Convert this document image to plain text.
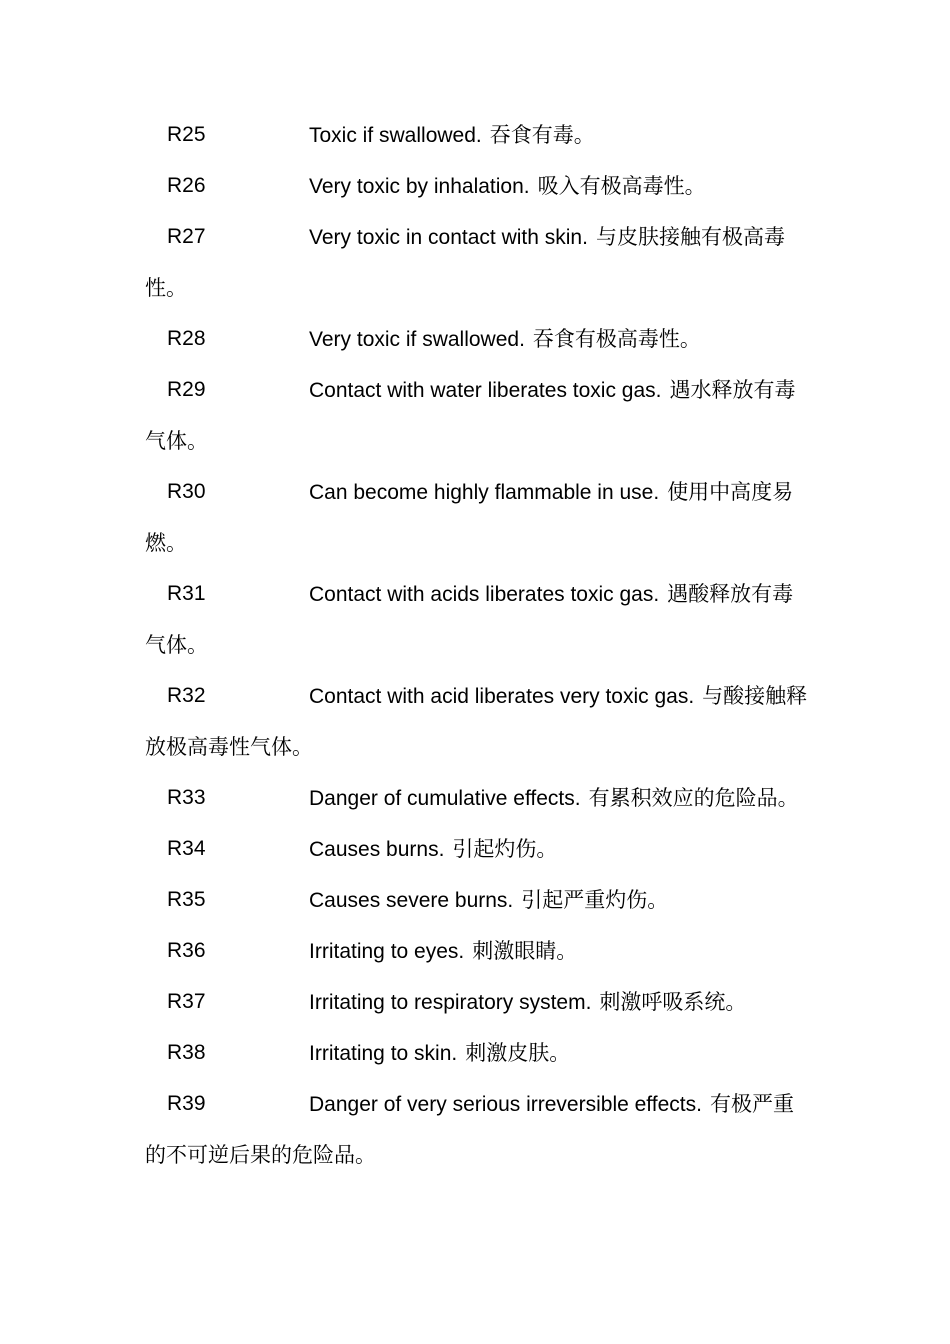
R25	Toxic if swallowed. 吞食有毒。
R26	Very toxic by inhalation. 吸入有极高毒性。
R27	Very toxic in contact with skin. 与皮肤接触有极高毒性。
R28	Very toxic if swallowed. 吞食有极高毒性。
R29	Contact with water liberates toxic gas. 遇水释放有毒气体。
R30	Can become highly flammable in use. 使用中高度易燃。
R31	Contact with acids liberates toxic gas. 遇酸释放有毒气体。
R32	Contact with acid liberates very toxic gas. 与酸接触释放极高毒性气体。
R33	Danger of cumulative effects. 有累积效应的危险品。
R34	Causes burns. 引起灼伤。
R35	Causes severe burns. 引起严重灼伤。
R36	Irritating to eyes. 刺激眼睛。
R37	Irritating to respiratory system. 刺激呼吸系统。
R38	Irritating to skin. 刺激皮肤。
R39	Danger of very serious irreversible effects. 有极严重的不可逆后果的危险品。
